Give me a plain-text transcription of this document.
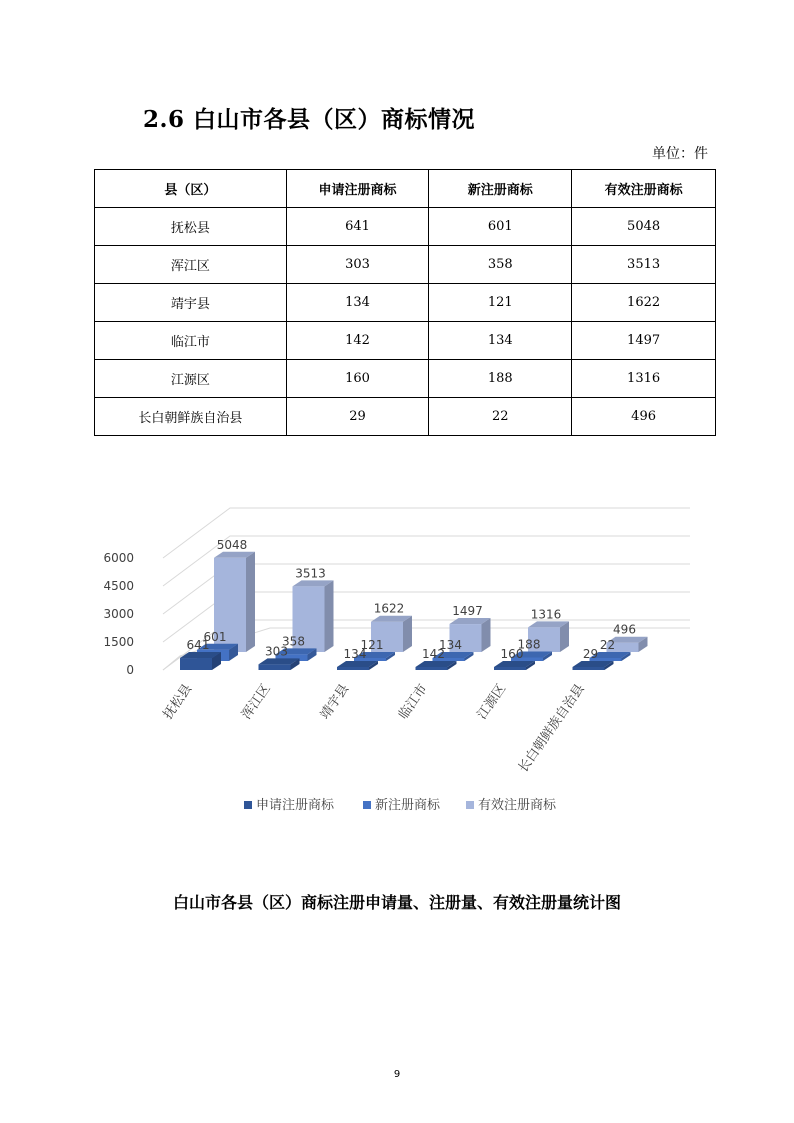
2.6 白山市各县（区）商标情况
单位：件
县（区）	申请注册商标	新注册商标	有效注册商标
抚松县	641	601	5048
浑江区	303	358	3513
靖宇县	134	121	1622
临江市	142	134	1497
江源区	160	188	1316
长白朝鲜族自治县	29	22	496
0
1500
3000
4500
6000
5048
3513
1622	1497	1316
496
601	358	121	134	188	22
641	303	134	142	160	29
抚松县	浑江区	靖宇县	临江市	江源区 长白朝鲜族自治县
申请注册商标	新注册商标	有效注册商标
白山市各县（区）商标注册申请量、注册量、有效注册量统计图
9
